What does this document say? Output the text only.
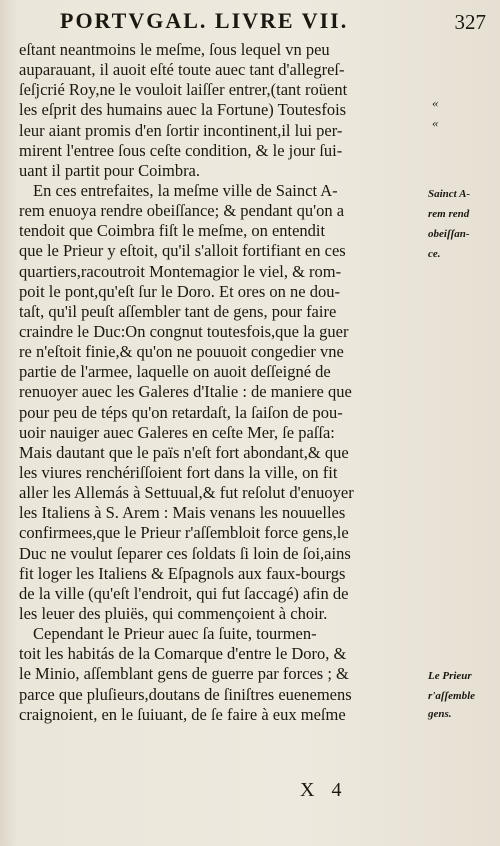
PORTVGAL. LIVRE VII.	327
eſtant neantmoins le meſme, ſous lequel vn peu
auparauant, il auoit eſté toute auec tant d'allegreſ-
ſeſjcrié Roy,ne le vouloit laiſſer entrer,(tant roüent
les eſprit des humains auec la Fortune) Toutesfois
leur aiant promis d'en ſortir incontinent,il lui per-
mirent l'entree ſous ceſte condition, & le jour ſui-
uant il partit pour Coimbra.
En ces entrefaites, la meſme ville de Sainct A-
rem enuoya rendre obeiſſance; & pendant qu'on a
tendoit que Coimbra fiſt le meſme, on entendit
que le Prieur y eſtoit, qu'il s'alloit fortifiant en ces
quartiers,racoutroit Montemagior le viel, & rom-
poit le pont,qu'eſt ſur le Doro. Et ores on ne dou-
taſt, qu'il peuſt aſſembler tant de gens, pour faire
craindre le Duc:On congnut toutesfois,que la guer
re n'eſtoit finie,& qu'on ne pouuoit congedier vne
partie de l'armee, laquelle on auoit deſſeigné de
renuoyer auec les Galeres d'Italie : de maniere que
pour peu de téps qu'on retardaſt, la ſaiſon de pou-
uoir nauiger auec Galeres en ceſte Mer, ſe paſſa:
Mais dautant que le païs n'eſt fort abondant,& que
les viures renchériſſoient fort dans la ville, on fit
aller les Allemás à Settuual,& fut reſolut d'enuoyer
les Italiens à S. Arem : Mais venans les nouuelles
confirmees,que le Prieur r'aſſembloit force gens,le
Duc ne voulut ſeparer ces ſoldats ſi loin de ſoi,ains
fit loger les Italiens & Eſpagnols aux faux-bourgs
de la ville (qu'eſt l'endroit, qui fut ſaccagé) afin de
les leuer des pluiës, qui commençoient à choir.
Cependant le Prieur auec ſa ſuite, tourmen-
toit les habitás de la Comarque d'entre le Doro, &
le Minio, aſſemblant gens de guerre par forces ; &
parce que pluſieurs,doutans de ſiniſtres euenemens
craignoient, en le ſuiuant, de ſe faire à eux meſme
«
«
Sainct A-
rem rend
obeiſſan-
ce.
Le Prieur
r'aſſemble
gens.
X 4
